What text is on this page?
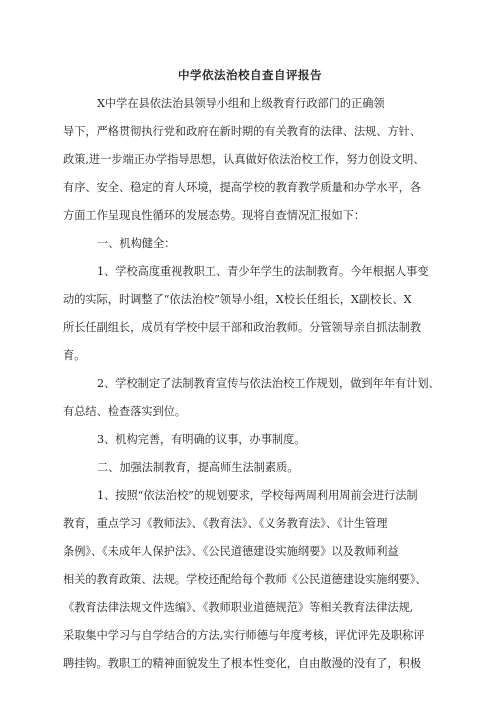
中学依法治校自查自评报告
X中学在县依法治县领导小组和上级教育行政部门的正确领
导下，严格贯彻执行党和政府在新时期的有关教育的法律、法规、方针、
政策,进一步端正办学指导思想，认真做好依法治校工作，努力创设文明、
有序、安全、稳定的育人环境，提高学校的教育教学质量和办学水平，各
方面工作呈现良性循环的发展态势。现将自查情况汇报如下：
一、机构健全：
1、学校高度重视教职工、青少年学生的法制教育。今年根据人事变
动的实际，时调整了“依法治校”领导小组，X校长任组长，X副校长、X
所长任副组长，成员有学校中层干部和政治教师。分管领导亲自抓法制教
育。
2、学校制定了法制教育宣传与依法治校工作规划，做到年年有计划、
有总结、检查落实到位。
3、机构完善，有明确的议事，办事制度。
二、加强法制教育，提高师生法制素质。
1、按照“依法治校”的规划要求，学校每两周利用周前会进行法制
教育，重点学习《教师法》、《教育法》、《义务教育法》、《计生管理
条例》、《未成年人保护法》、《公民道德建设实施纲要》以及教师利益
相关的教育政策、法规。学校还配给每个教师《公民道德建设实施纲要》、
《教育法律法规文件选编》、《教师职业道德规范》等相关教育法律法规,
采取集中学习与自学结合的方法,实行师德与年度考核，评优评先及职称评
聘挂钩。教职工的精神面貌发生了根本性变化，自由散漫的没有了，积极
